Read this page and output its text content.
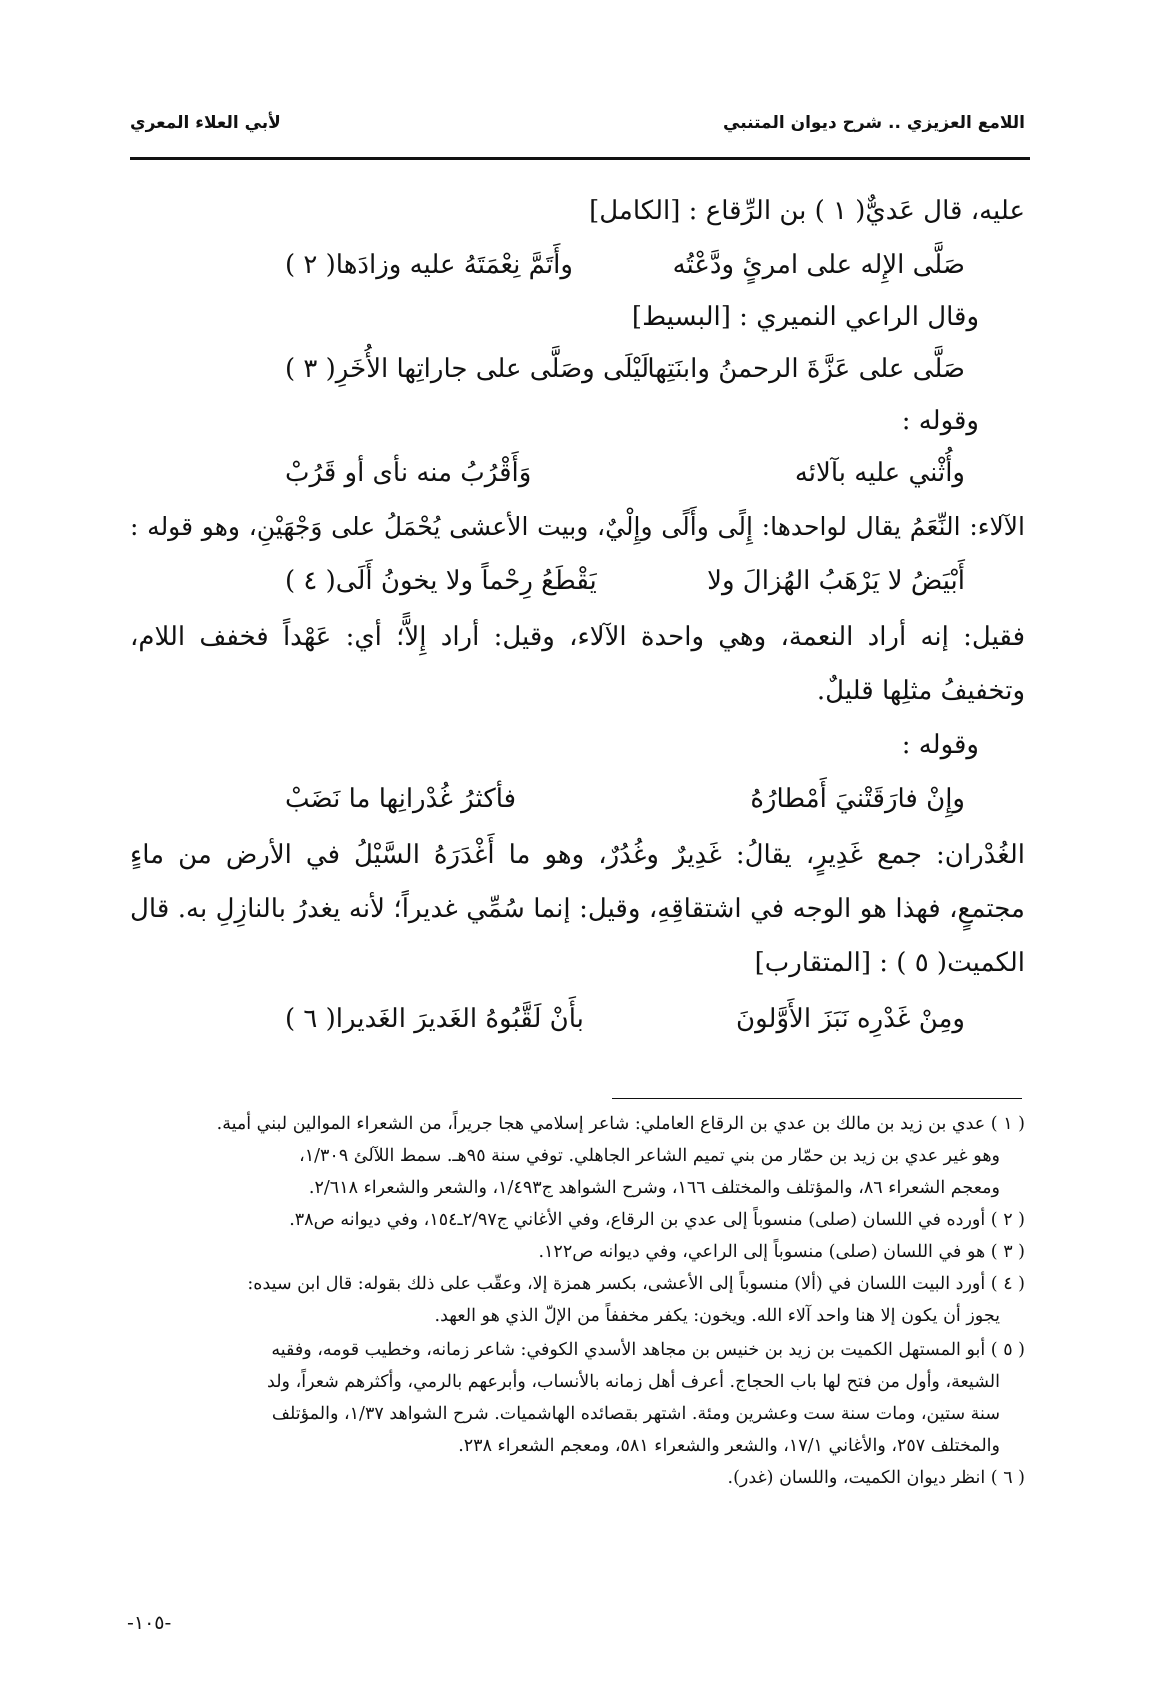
اللامع العزيزي .. شرح ديوان المتنبي
لأبي العلاء المعري
عليه، قال عَديٌّ( ١ ) بن الرِّقاع : [الكامل]
صَلَّى الإِله على امرئٍ ودَّعْتُه
وأَتَمَّ نِعْمَتَهُ عليه وزادَها( ٢ )
وقال الراعي النميري : [البسيط]
صَلَّى على عَزَّةَ الرحمنُ وابنَتِها
لَيْلَى وصَلَّى على جاراتِها الأُخَرِ( ٣ )
وقوله :
وأُثْني عليه بآلائه
وَأَقْرُبُ منه نأى أو قَرُبْ
الآلاء: النِّعَمُ يقال لواحدها: إِلًى وأَلًى وإِلْيٌ، وبيت الأعشى يُحْمَلُ على وَجْهَيْنِ، وهو قوله :
أَبْيَضُ لا يَرْهَبُ الهُزالَ ولا
يَقْطَعُ رِحْماً ولا يخونُ أَلَى( ٤ )
فقيل: إنه أراد النعمة، وهي واحدة الآلاء، وقيل: أراد إِلاًّ؛ أي: عَهْداً فخفف اللام،
وتخفيفُ مثلِها قليلٌ.
وقوله :
وإِنْ فارَقَتْنيَ أَمْطارُهُ
فأكثرُ غُدْرانِها ما نَضَبْ
الغُدْران: جمع غَدِيرٍ، يقالُ: غَدِيرٌ وغُدُرٌ، وهو ما أَغْدَرَهُ السَّيْلُ في الأرض من ماءٍ
مجتمعٍ، فهذا هو الوجه في اشتقاقِهِ، وقيل: إنما سُمِّي غديراً؛ لأنه يغدرُ بالنازِلِ به. قال
الكميت( ٥ ) : [المتقارب]
ومِنْ غَدْرِه نَبَزَ الأَوَّلونَ
بأَنْ لَقَّبُوهُ الغَديرَ الغَديرا( ٦ )
( ١ ) عدي بن زيد بن مالك بن عدي بن الرقاع العاملي: شاعر إسلامي هجا جريراً، من الشعراء الموالين لبني أمية.
وهو غير عدي بن زيد بن حمّار من بني تميم الشاعر الجاهلي. توفي سنة ٩٥هـ. سمط اللآلئ ١/٣٠٩،
ومعجم الشعراء ٨٦، والمؤتلف والمختلف ١٦٦، وشرح الشواهد ج١/٤٩٣، والشعر والشعراء ٢/٦١٨.
( ٢ ) أورده في اللسان (صلى) منسوباً إلى عدي بن الرقاع، وفي الأغاني ج٢/٩٧ـ١٥٤، وفي ديوانه ص٣٨.
( ٣ ) هو في اللسان (صلى) منسوباً إلى الراعي، وفي ديوانه ص١٢٢.
( ٤ ) أورد البيت اللسان في (ألا) منسوباً إلى الأعشى، بكسر همزة إلا، وعقّب على ذلك بقوله: قال ابن سيده:
يجوز أن يكون إلا هنا واحد آلاء الله. ويخون: يكفر مخففاً من الإلّ الذي هو العهد.
( ٥ ) أبو المستهل الكميت بن زيد بن خنيس بن مجاهد الأسدي الكوفي: شاعر زمانه، وخطيب قومه، وفقيه
الشيعة، وأول من فتح لها باب الحجاج. أعرف أهل زمانه بالأنساب، وأبرعهم بالرمي، وأكثرهم شعراً، ولد
سنة ستين، ومات سنة ست وعشرين ومئة. اشتهر بقصائده الهاشميات. شرح الشواهد ١/٣٧، والمؤتلف
والمختلف ٢٥٧، والأغاني ١٧/١، والشعر والشعراء ٥٨١، ومعجم الشعراء ٢٣٨.
( ٦ ) انظر ديوان الكميت، واللسان (غدر).
-١٠٥-
